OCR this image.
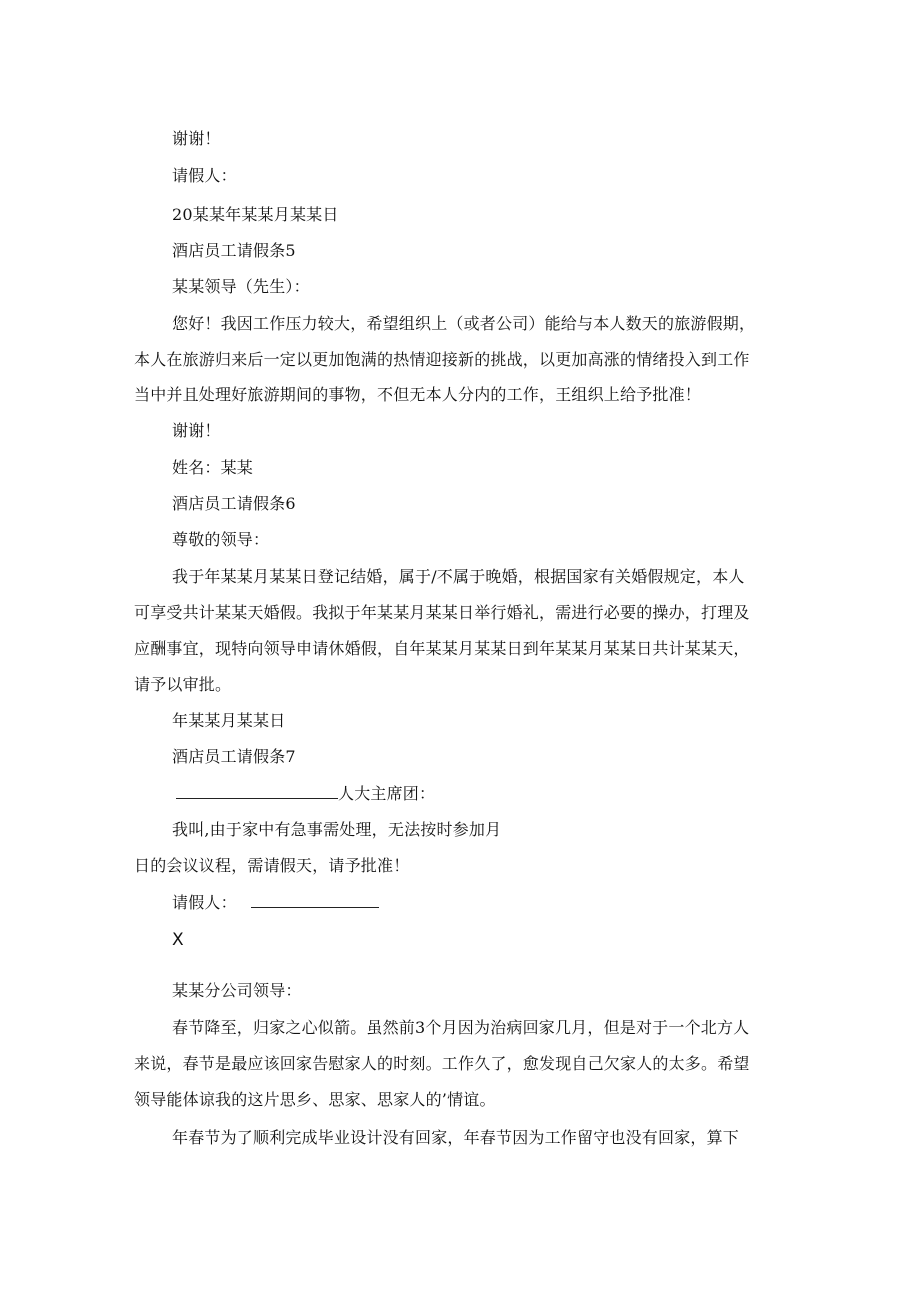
谢谢！
请假人：
20某某年某某月某某日
酒店员工请假条5
某某领导（先生）：
您好！我因工作压力较大，希望组织上（或者公司）能给与本人数天的旅游假期，
本人在旅游归来后一定以更加饱满的热情迎接新的挑战，以更加高涨的情绪投入到工作
当中并且处理好旅游期间的事物，不但无本人分内的工作，王组织上给予批准！
谢谢！
姓名：某某
酒店员工请假条6
尊敬的领导：
我于年某某月某某日登记结婚，属于/不属于晚婚，根据国家有关婚假规定，本人
可享受共计某某天婚假。我拟于年某某月某某日举行婚礼，需进行必要的操办，打理及
应酬事宜，现特向领导申请休婚假，自年某某月某某日到年某某月某某日共计某某天，
请予以审批。
年某某月某某日
酒店员工请假条7
人大主席团：
我叫,由于家中有急事需处理，无法按时参加月
日的会议议程，需请假天，请予批准！
请假人：
X
某某分公司领导：
春节降至，归家之心似箭。虽然前3个月因为治病回家几月，但是对于一个北方人
来说，春节是最应该回家告慰家人的时刻。工作久了，愈发现自己欠家人的太多。希望
领导能体谅我的这片思乡、思家、思家人的’情谊。
年春节为了顺利完成毕业设计没有回家，年春节因为工作留守也没有回家，算下
